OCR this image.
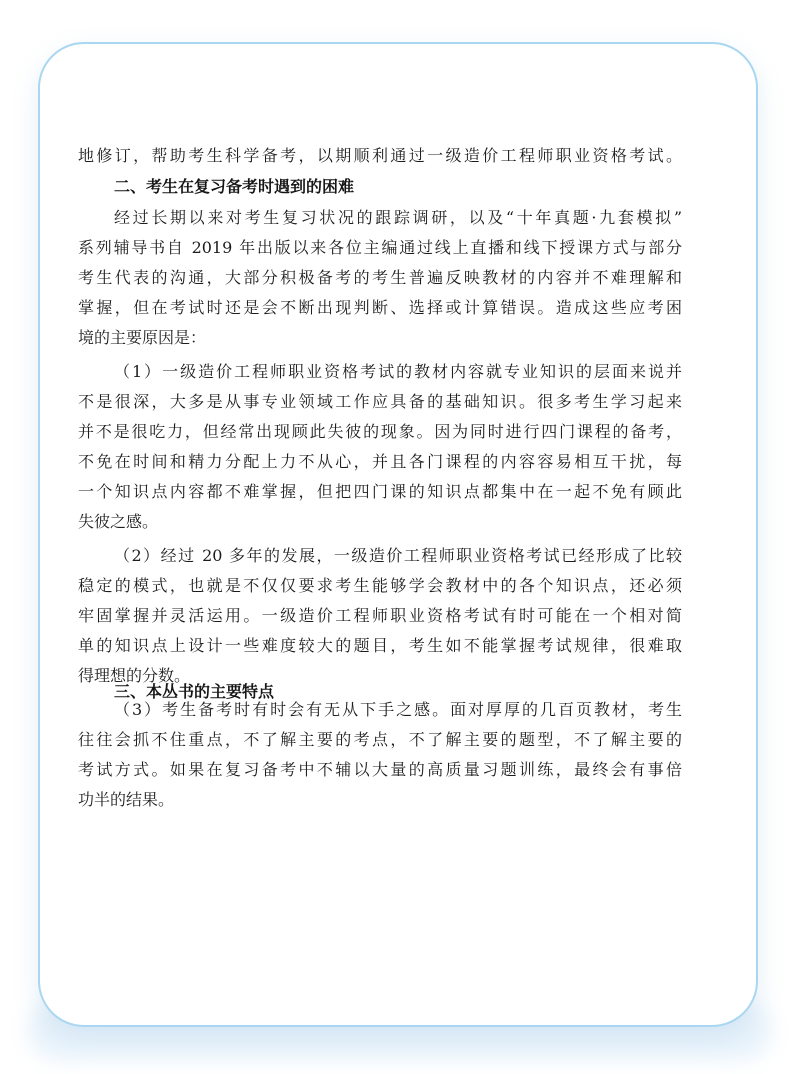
地修订，帮助考生科学备考，以期顺利通过一级造价工程师职业资格考试。
二、考生在复习备考时遇到的困难
经过长期以来对考生复习状况的跟踪调研，以及“十年真题·九套模拟”
系列辅导书自 2019 年出版以来各位主编通过线上直播和线下授课方式与部分
考生代表的沟通，大部分积极备考的考生普遍反映教材的内容并不难理解和
掌握，但在考试时还是会不断出现判断、选择或计算错误。造成这些应考困
境的主要原因是：
（1）一级造价工程师职业资格考试的教材内容就专业知识的层面来说并
不是很深，大多是从事专业领域工作应具备的基础知识。很多考生学习起来
并不是很吃力，但经常出现顾此失彼的现象。因为同时进行四门课程的备考，
不免在时间和精力分配上力不从心，并且各门课程的内容容易相互干扰，每
一个知识点内容都不难掌握，但把四门课的知识点都集中在一起不免有顾此
失彼之感。
（2）经过 20 多年的发展，一级造价工程师职业资格考试已经形成了比较
稳定的模式，也就是不仅仅要求考生能够学会教材中的各个知识点，还必须
牢固掌握并灵活运用。一级造价工程师职业资格考试有时可能在一个相对简
单的知识点上设计一些难度较大的题目，考生如不能掌握考试规律，很难取
得理想的分数。
（3）考生备考时有时会有无从下手之感。面对厚厚的几百页教材，考生
往往会抓不住重点，不了解主要的考点，不了解主要的题型，不了解主要的
考试方式。如果在复习备考中不辅以大量的高质量习题训练，最终会有事倍
功半的结果。
三、本丛书的主要特点
